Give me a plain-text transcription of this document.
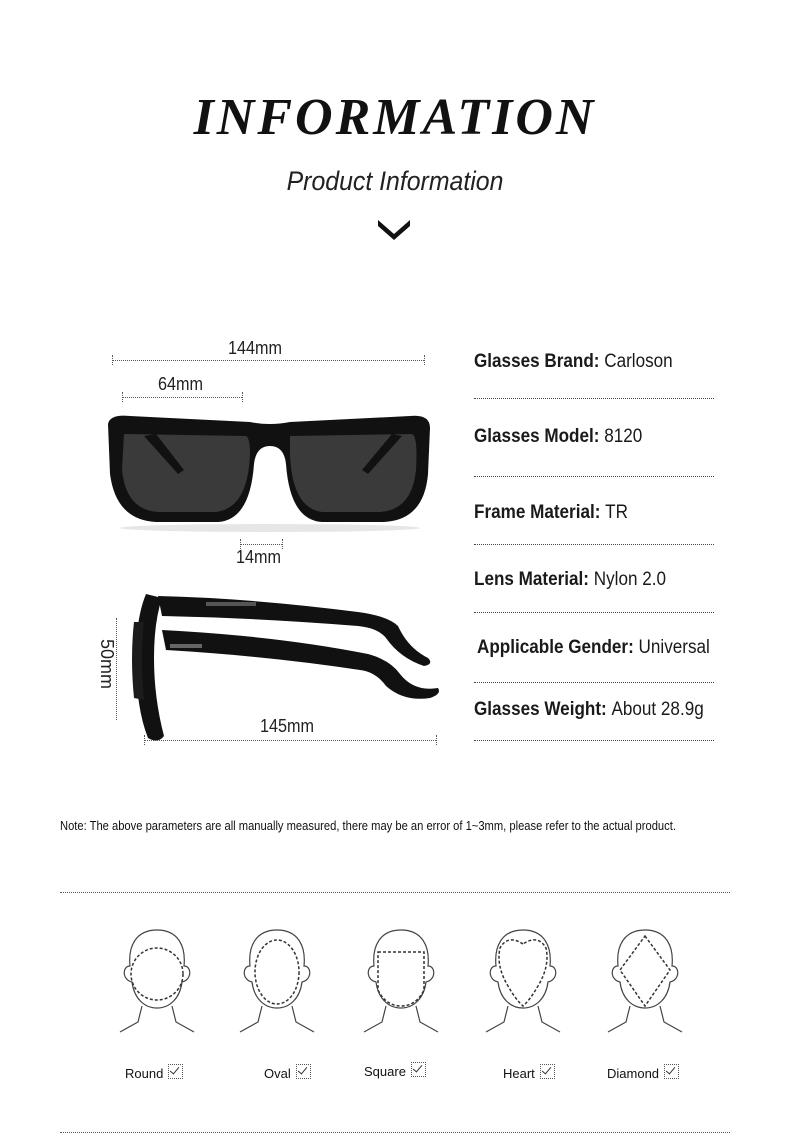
INFORMATION
Product Information
144mm
64mm
14mm
50mm
145mm
Glasses Brand: Carloson
Glasses Model: 8120
Frame Material: TR
Lens Material: Nylon 2.0
Applicable Gender: Universal
Glasses Weight: About 28.9g
Note: The above parameters are all manually measured, there may be an error of 1~3mm, please refer to the actual product.
Round	Oval	Square	Heart	Diamond
